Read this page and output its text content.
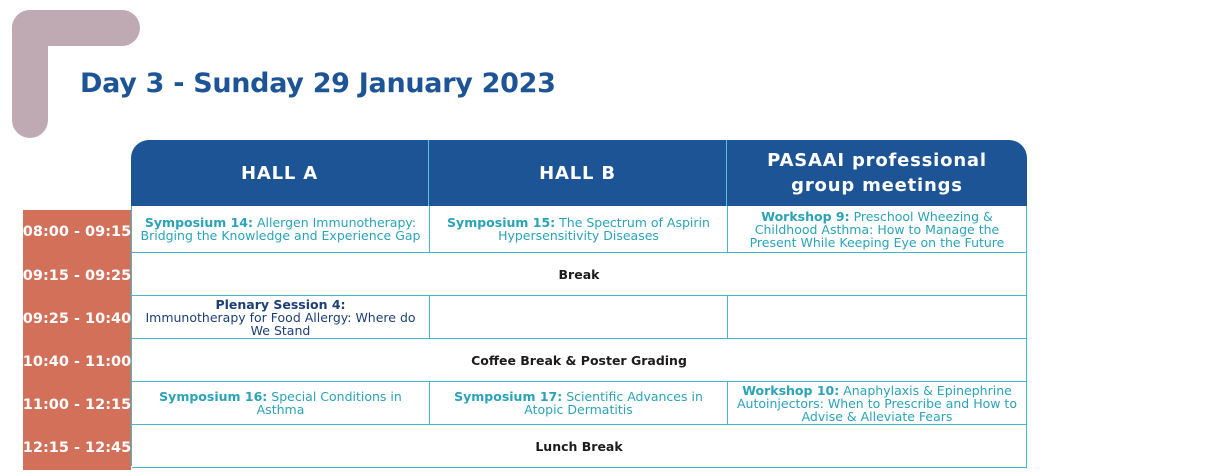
Day 3 - Sunday 29 January 2023
HALL A	HALL B
PASAAI professional group meetings
08:00 - 09:15
09:15 - 09:25
09:25 - 10:40
10:40 - 11:00
11:00 - 12:15
12:15 - 12:45
Symposium 14: Allergen Immunotherapy: Bridging the Knowledge and Experience Gap
Symposium 15: The Spectrum of Aspirin Hypersensitivity Diseases
Workshop 9: Preschool Wheezing & Childhood Asthma: How to Manage the Present While Keeping Eye on the Future
Break
Plenary Session 4:
Immunotherapy for Food Allergy: Where do We Stand
Coffee Break & Poster Grading
Symposium 16: Special Conditions in Asthma
Symposium 17: Scientific Advances in Atopic Dermatitis
Workshop 10: Anaphylaxis & Epinephrine Autoinjectors: When to Prescribe and How to Advise & Alleviate Fears
Lunch Break
